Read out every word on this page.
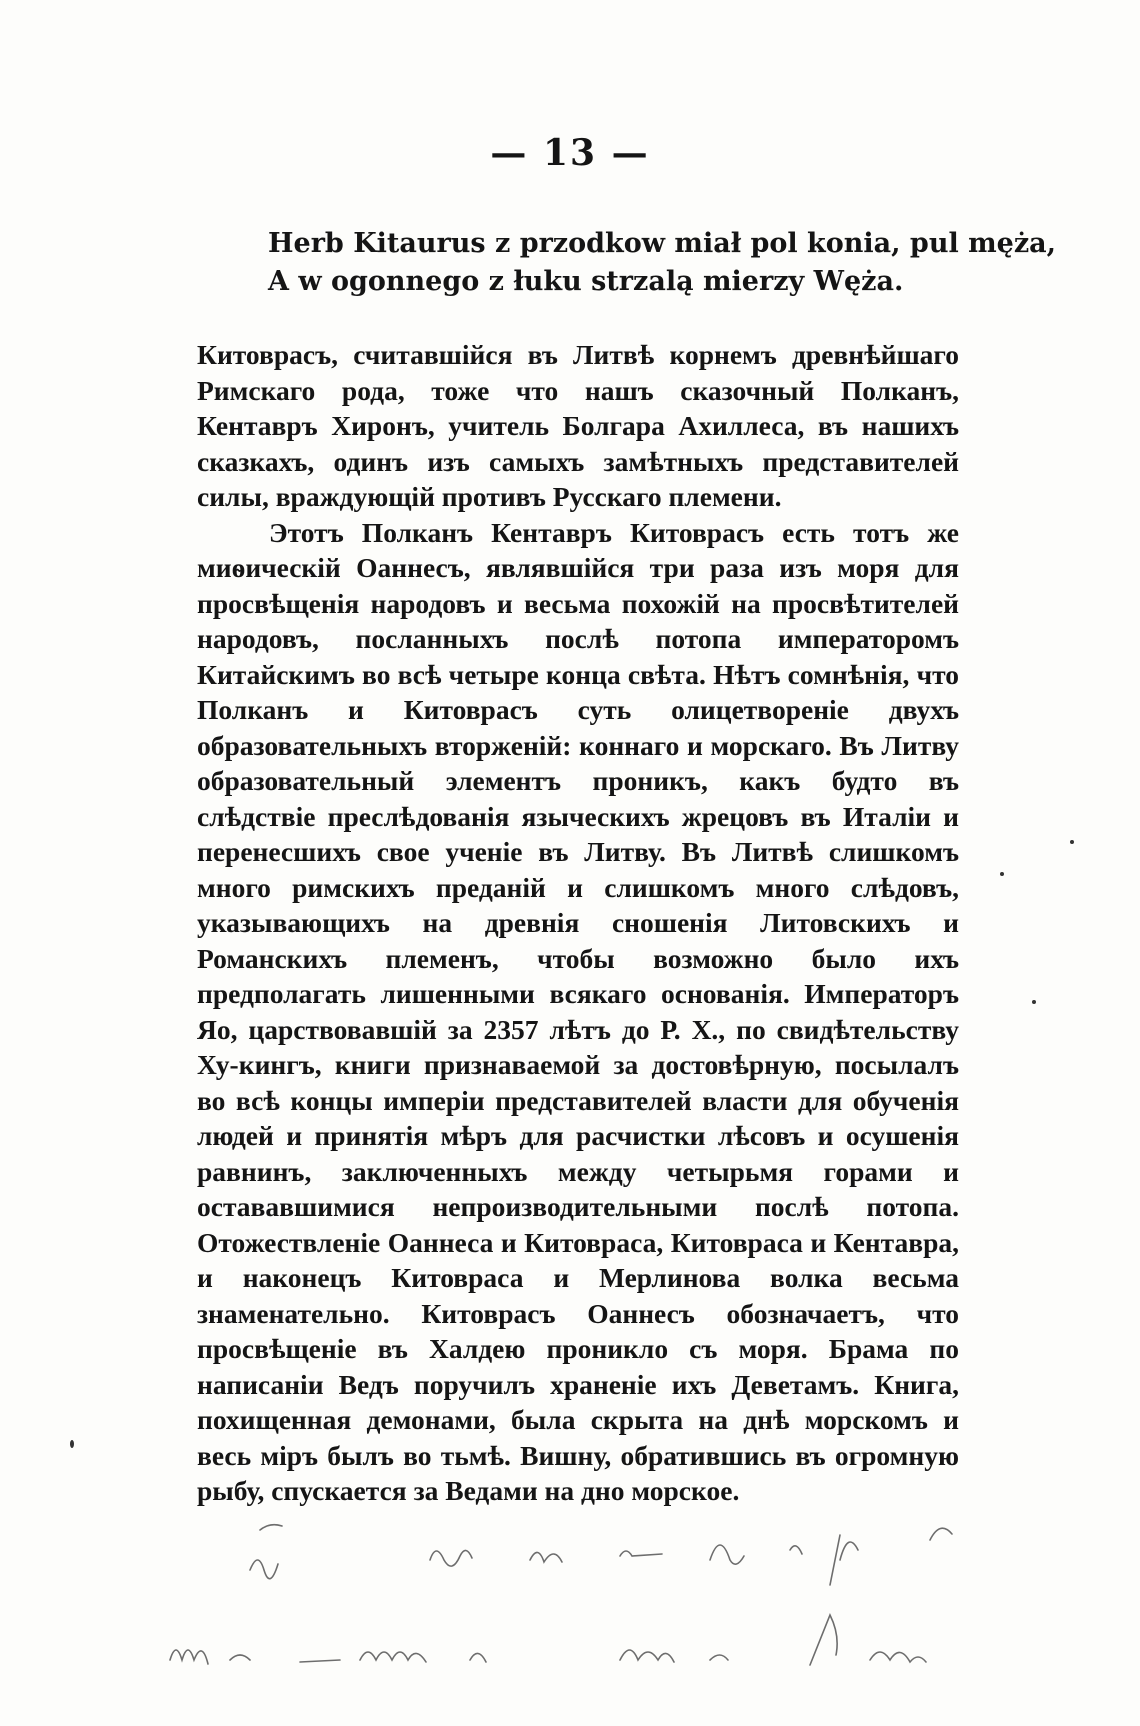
— 13 —
Herb Kitaurus z przodkow miał pol konia, pul męża,
A w ogonnego z łuku strzalą mierzy Węża.

Китоврасъ, считавшійся въ Литвѣ корнемъ древнѣйшаго Римскаго рода, тоже что нашъ сказочный Полканъ, Кентавръ Хиронъ, учитель Болгара Ахиллеса, въ нашихъ сказкахъ, одинъ изъ самыхъ замѣтныхъ представителей силы, враждующій противъ Русскаго племени.

Этотъ Полканъ Кентавръ Китоврасъ есть тотъ же миѳическій Оаннесъ, являвшійся три раза изъ моря для просвѣщенія народовъ и весьма похожій на просвѣтителей народовъ, посланныхъ послѣ потопа императоромъ Китайскимъ во всѣ четыре конца свѣта. Нѣтъ сомнѣнія, что Полканъ и Китоврасъ суть олицетвореніе двухъ образовательныхъ вторженій: коннаго и морскаго. Въ Литву образовательный элементъ проникъ, какъ будто въ слѣдствіе преслѣдованія языческихъ жрецовъ въ Италіи и перенесшихъ свое ученіе въ Литву. Въ Литвѣ слишкомъ много римскихъ преданій и слишкомъ много слѣдовъ, указывающихъ на древнія сношенія Литовскихъ и Романскихъ племенъ, чтобы возможно было ихъ предполагать лишенными всякаго основанія. Императоръ Яо, царствовавшій за 2357 лѣтъ до Р. Х., по свидѣтельству Ху-кингъ, книги признаваемой за достовѣрную, посылалъ во всѣ концы имперіи представителей власти для обученія людей и принятія мѣръ для расчистки лѣсовъ и осушенія равнинъ, заключенныхъ между четырьмя горами и остававшимися непроизводительными послѣ потопа. Отожествленіе Оаннеса и Китовраса, Китовраса и Кентавра, и наконецъ Китовраса и Мерлинова волка весьма знаменательно. Китоврасъ Оаннесъ обозначаетъ, что просвѣщеніе въ Халдею проникло съ моря. Брама по написаніи Ведъ поручилъ храненіе ихъ Деветамъ. Книга, похищенная демонами, была скрыта на днѣ морскомъ и весь міръ былъ во тьмѣ. Вишну, обратившись въ огромную рыбу, спускается за Ведами на дно морское.
